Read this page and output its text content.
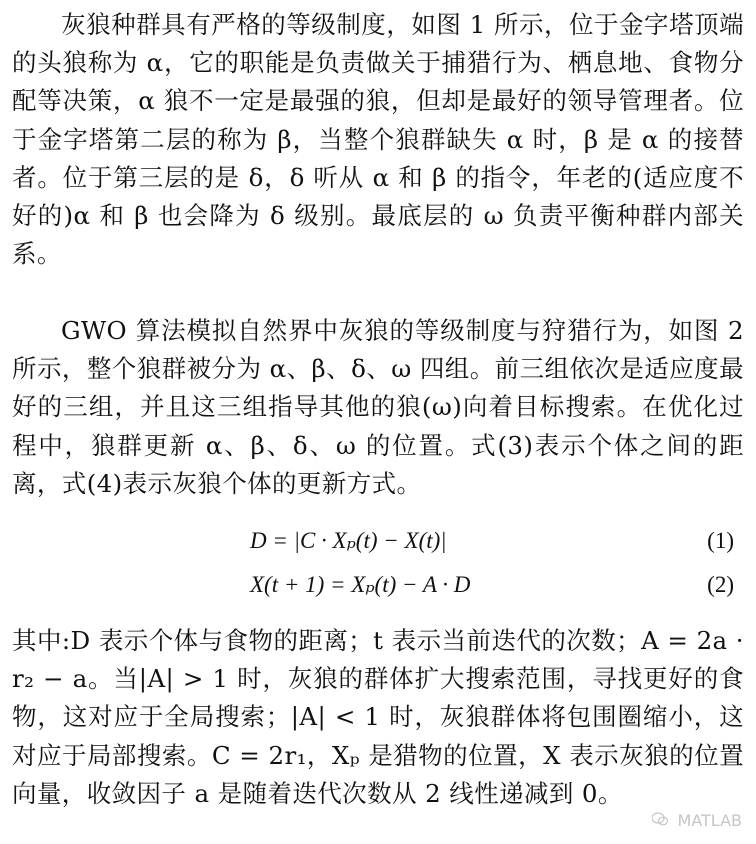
灰狼种群具有严格的等级制度，如图 1 所示，位于金字塔顶端的头狼称为 α，它的职能是负责做关于捕猎行为、栖息地、食物分配等决策，α 狼不一定是最强的狼，但却是最好的领导管理者。位于金字塔第二层的称为 β，当整个狼群缺失 α 时，β 是 α 的接替者。位于第三层的是 δ，δ 听从 α 和 β 的指令，年老的(适应度不好的)α 和 β 也会降为 δ 级别。最底层的 ω 负责平衡种群内部关系。

GWO 算法模拟自然界中灰狼的等级制度与狩猎行为，如图 2 所示，整个狼群被分为 α、β、δ、ω 四组。前三组依次是适应度最好的三组，并且这三组指导其他的狼(ω)向着目标搜索。在优化过程中，狼群更新 α、β、δ、ω 的位置。式(3)表示个体之间的距离，式(4)表示灰狼个体的更新方式。

D = |C · Xₚ(t) − X(t)|	(1)
X(t + 1) = Xₚ(t) − A · D	(2)

其中:D 表示个体与食物的距离；t 表示当前迭代的次数；A = 2a · r₂ − a。当|A| > 1 时，灰狼的群体扩大搜索范围，寻找更好的食物，这对应于全局搜索；|A| < 1 时，灰狼群体将包围圈缩小，这对应于局部搜索。C = 2r₁，Xₚ 是猎物的位置，X 表示灰狼的位置向量，收敛因子 a 是随着迭代次数从 2 线性递减到 0。

MATLAB
